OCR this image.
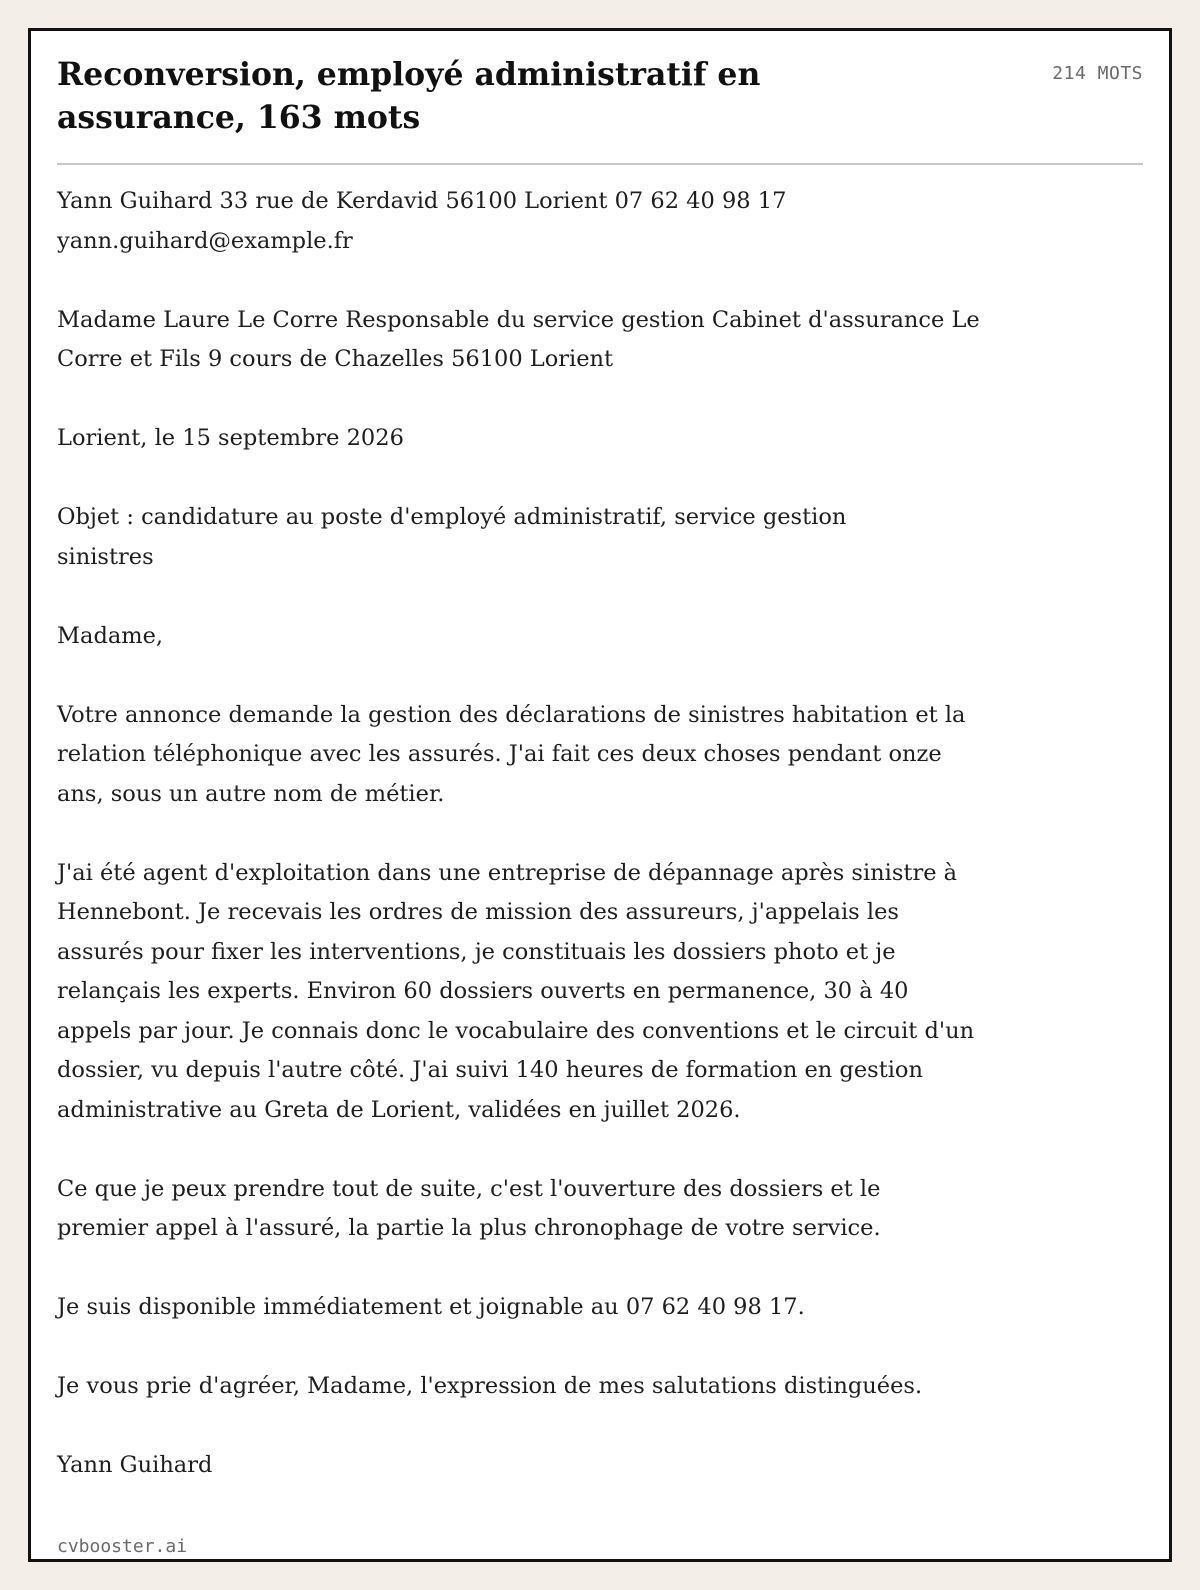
Reconversion, employé administratif en assurance, 163 mots
214 MOTS

Yann Guihard 33 rue de Kerdavid 56100 Lorient 07 62 40 98 17
yann.guihard@example.fr

Madame Laure Le Corre Responsable du service gestion Cabinet d'assurance Le Corre et Fils 9 cours de Chazelles 56100 Lorient

Lorient, le 15 septembre 2026

Objet : candidature au poste d'employé administratif, service gestion sinistres

Madame,

Votre annonce demande la gestion des déclarations de sinistres habitation et la relation téléphonique avec les assurés. J'ai fait ces deux choses pendant onze ans, sous un autre nom de métier.

J'ai été agent d'exploitation dans une entreprise de dépannage après sinistre à Hennebont. Je recevais les ordres de mission des assureurs, j'appelais les assurés pour fixer les interventions, je constituais les dossiers photo et je relançais les experts. Environ 60 dossiers ouverts en permanence, 30 à 40 appels par jour. Je connais donc le vocabulaire des conventions et le circuit d'un dossier, vu depuis l'autre côté. J'ai suivi 140 heures de formation en gestion administrative au Greta de Lorient, validées en juillet 2026.

Ce que je peux prendre tout de suite, c'est l'ouverture des dossiers et le premier appel à l'assuré, la partie la plus chronophage de votre service.

Je suis disponible immédiatement et joignable au 07 62 40 98 17.

Je vous prie d'agréer, Madame, l'expression de mes salutations distinguées.

Yann Guihard

cvbooster.ai
